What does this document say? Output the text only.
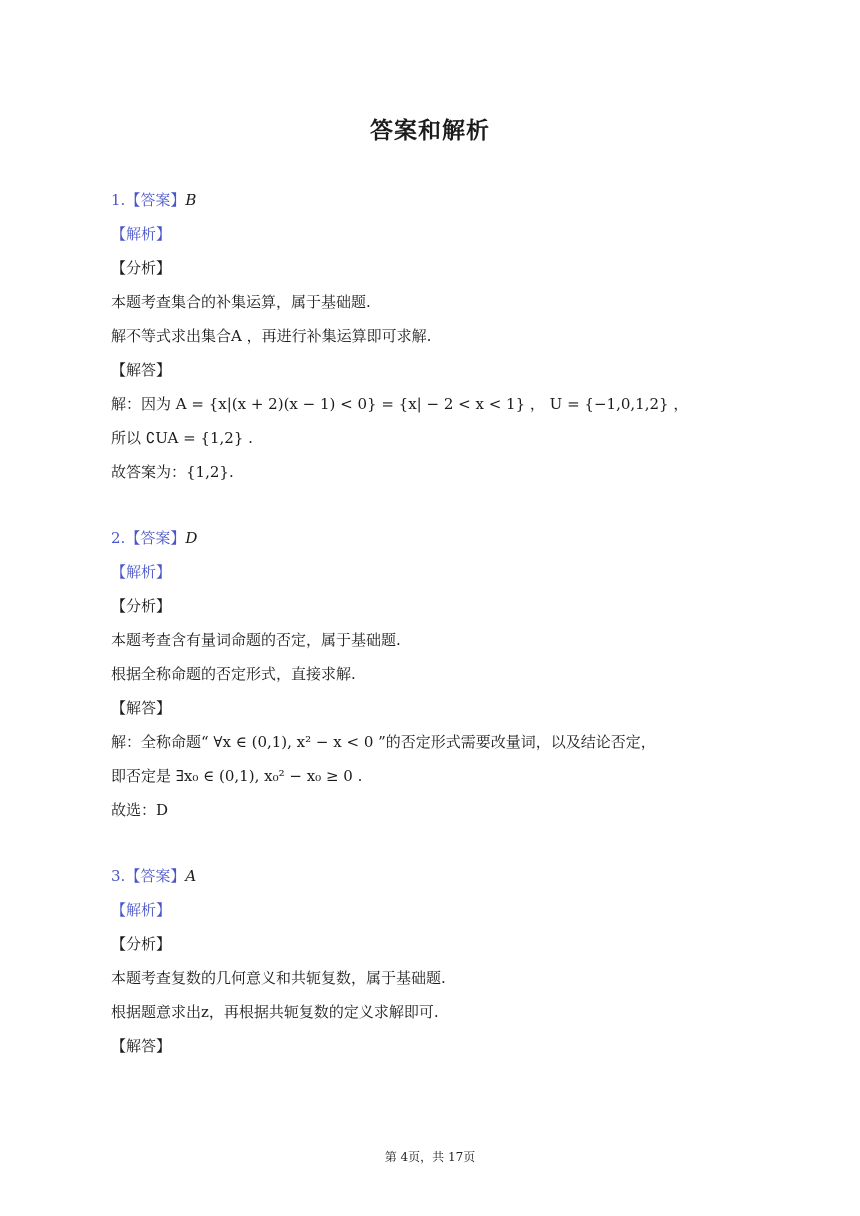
答案和解析
1.【答案】B
【解析】
【分析】
本题考查集合的补集运算，属于基础题.
解不等式求出集合A ，再进行补集运算即可求解.
【解答】
解：因为 A = {x|(x + 2)(x − 1) < 0} = {x| − 2 < x < 1} ， U = {−1,0,1,2} ，
所以 ∁UA = {1,2} .
故答案为：{1,2}.
2.【答案】D
【解析】
【分析】
本题考查含有量词命题的否定，属于基础题.
根据全称命题的否定形式，直接求解.
【解答】
解：全称命题“ ∀x ∈ (0,1), x² − x < 0 ”的否定形式需要改量词，以及结论否定，
即否定是 ∃x₀ ∈ (0,1), x₀² − x₀ ≥ 0 .
故选：D
3.【答案】A
【解析】
【分析】
本题考查复数的几何意义和共轭复数，属于基础题.
根据题意求出z，再根据共轭复数的定义求解即可.
【解答】
第 4页，共 17页
